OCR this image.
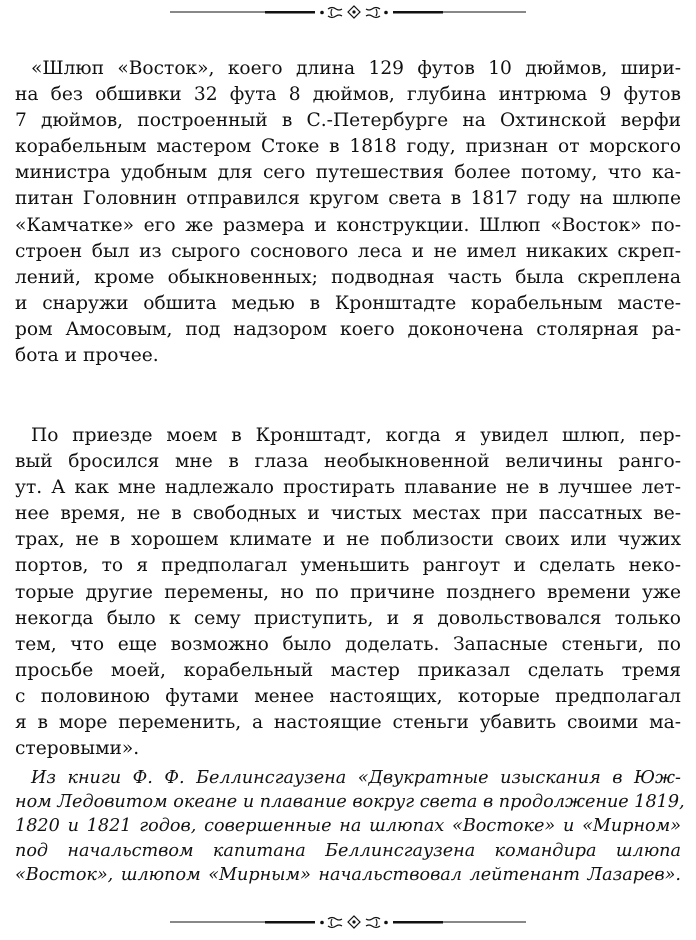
«Шлюп «Восток», коего длина 129 футов 10 дюймов, шири-
на без обшивки 32 фута 8 дюймов, глубина интрюма 9 футов
7 дюймов, построенный в С.-Петербурге на Охтинской верфи
корабельным мастером Стоке в 1818 году, признан от морского
министра удобным для сего путешествия более потому, что ка-
питан Головнин отправился кругом света в 1817 году на шлюпе
«Камчатке» его же размера и конструкции. Шлюп «Восток» по-
строен был из сырого соснового леса и не имел никаких скреп-
лений, кроме обыкновенных; подводная часть была скреплена
и снаружи обшита медью в Кронштадте корабельным масте-
ром Амосовым, под надзором коего доконочена столярная ра-
бота и прочее.
По приезде моем в Кронштадт, когда я увидел шлюп, пер-
вый бросился мне в глаза необыкновенной величины ранго-
ут. А как мне надлежало простирать плавание не в лучшее лет-
нее время, не в свободных и чистых местах при пассатных ве-
трах, не в хорошем климате и не поблизости своих или чужих
портов, то я предполагал уменьшить рангоут и сделать неко-
торые другие перемены, но по причине позднего времени уже
некогда было к сему приступить, и я довольствовался только
тем, что еще возможно было доделать. Запасные стеньги, по
просьбе моей, корабельный мастер приказал сделать тремя
с половиною футами менее настоящих, которые предполагал
я в море переменить, а настоящие стеньги убавить своими ма-
стеровыми».
Из книги Ф. Ф. Беллинсгаузена «Двукратные изыскания в Юж-
ном Ледовитом океане и плавание вокруг света в продолжение 1819,
1820 и 1821 годов, совершенные на шлюпах «Востоке» и «Мирном»
под начальством капитана Беллинсгаузена командира шлюпа
«Восток», шлюпом «Мирным» начальствовал лейтенант Лазарев».
